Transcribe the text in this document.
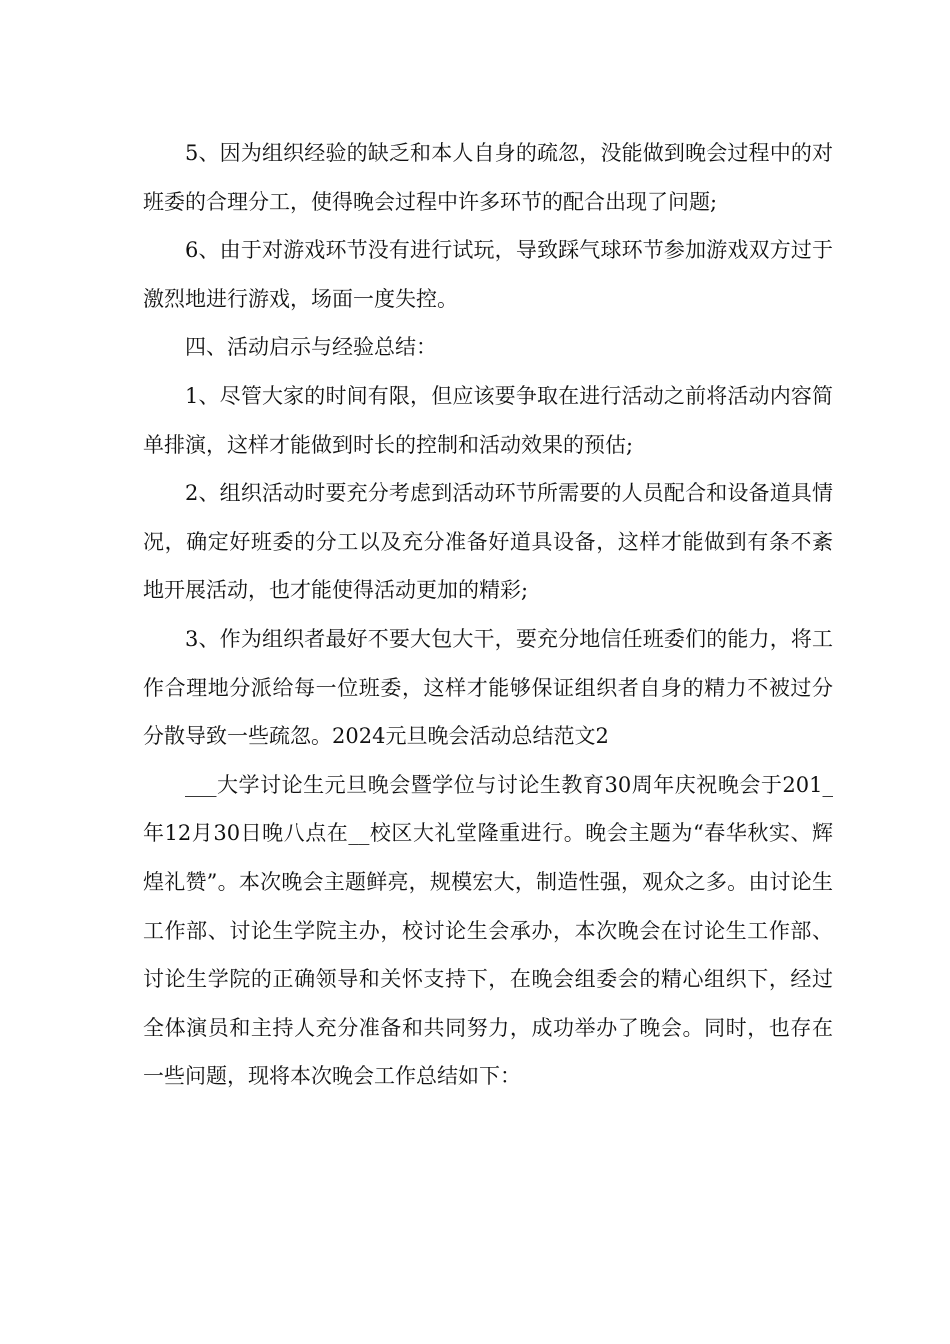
5、因为组织经验的缺乏和本人自身的疏忽，没能做到晚会过程中的对班委的合理分工，使得晚会过程中许多环节的配合出现了问题;

6、由于对游戏环节没有进行试玩，导致踩气球环节参加游戏双方过于激烈地进行游戏，场面一度失控。

四、活动启示与经验总结：

1、尽管大家的时间有限，但应该要争取在进行活动之前将活动内容简单排演，这样才能做到时长的控制和活动效果的预估;

2、组织活动时要充分考虑到活动环节所需要的人员配合和设备道具情况，确定好班委的分工以及充分准备好道具设备，这样才能做到有条不紊地开展活动，也才能使得活动更加的精彩;

3、作为组织者最好不要大包大干，要充分地信任班委们的能力，将工作合理地分派给每一位班委，这样才能够保证组织者自身的精力不被过分分散导致一些疏忽。2024元旦晚会活动总结范文2

___大学讨论生元旦晚会暨学位与讨论生教育30周年庆祝晚会于201_年12月30日晚八点在__校区大礼堂隆重进行。晚会主题为“春华秋实、辉煌礼赞”。本次晚会主题鲜亮，规模宏大，制造性强，观众之多。由讨论生工作部、讨论生学院主办，校讨论生会承办，本次晚会在讨论生工作部、讨论生学院的正确领导和关怀支持下，在晚会组委会的精心组织下，经过全体演员和主持人充分准备和共同努力，成功举办了晚会。同时，也存在一些问题，现将本次晚会工作总结如下：
